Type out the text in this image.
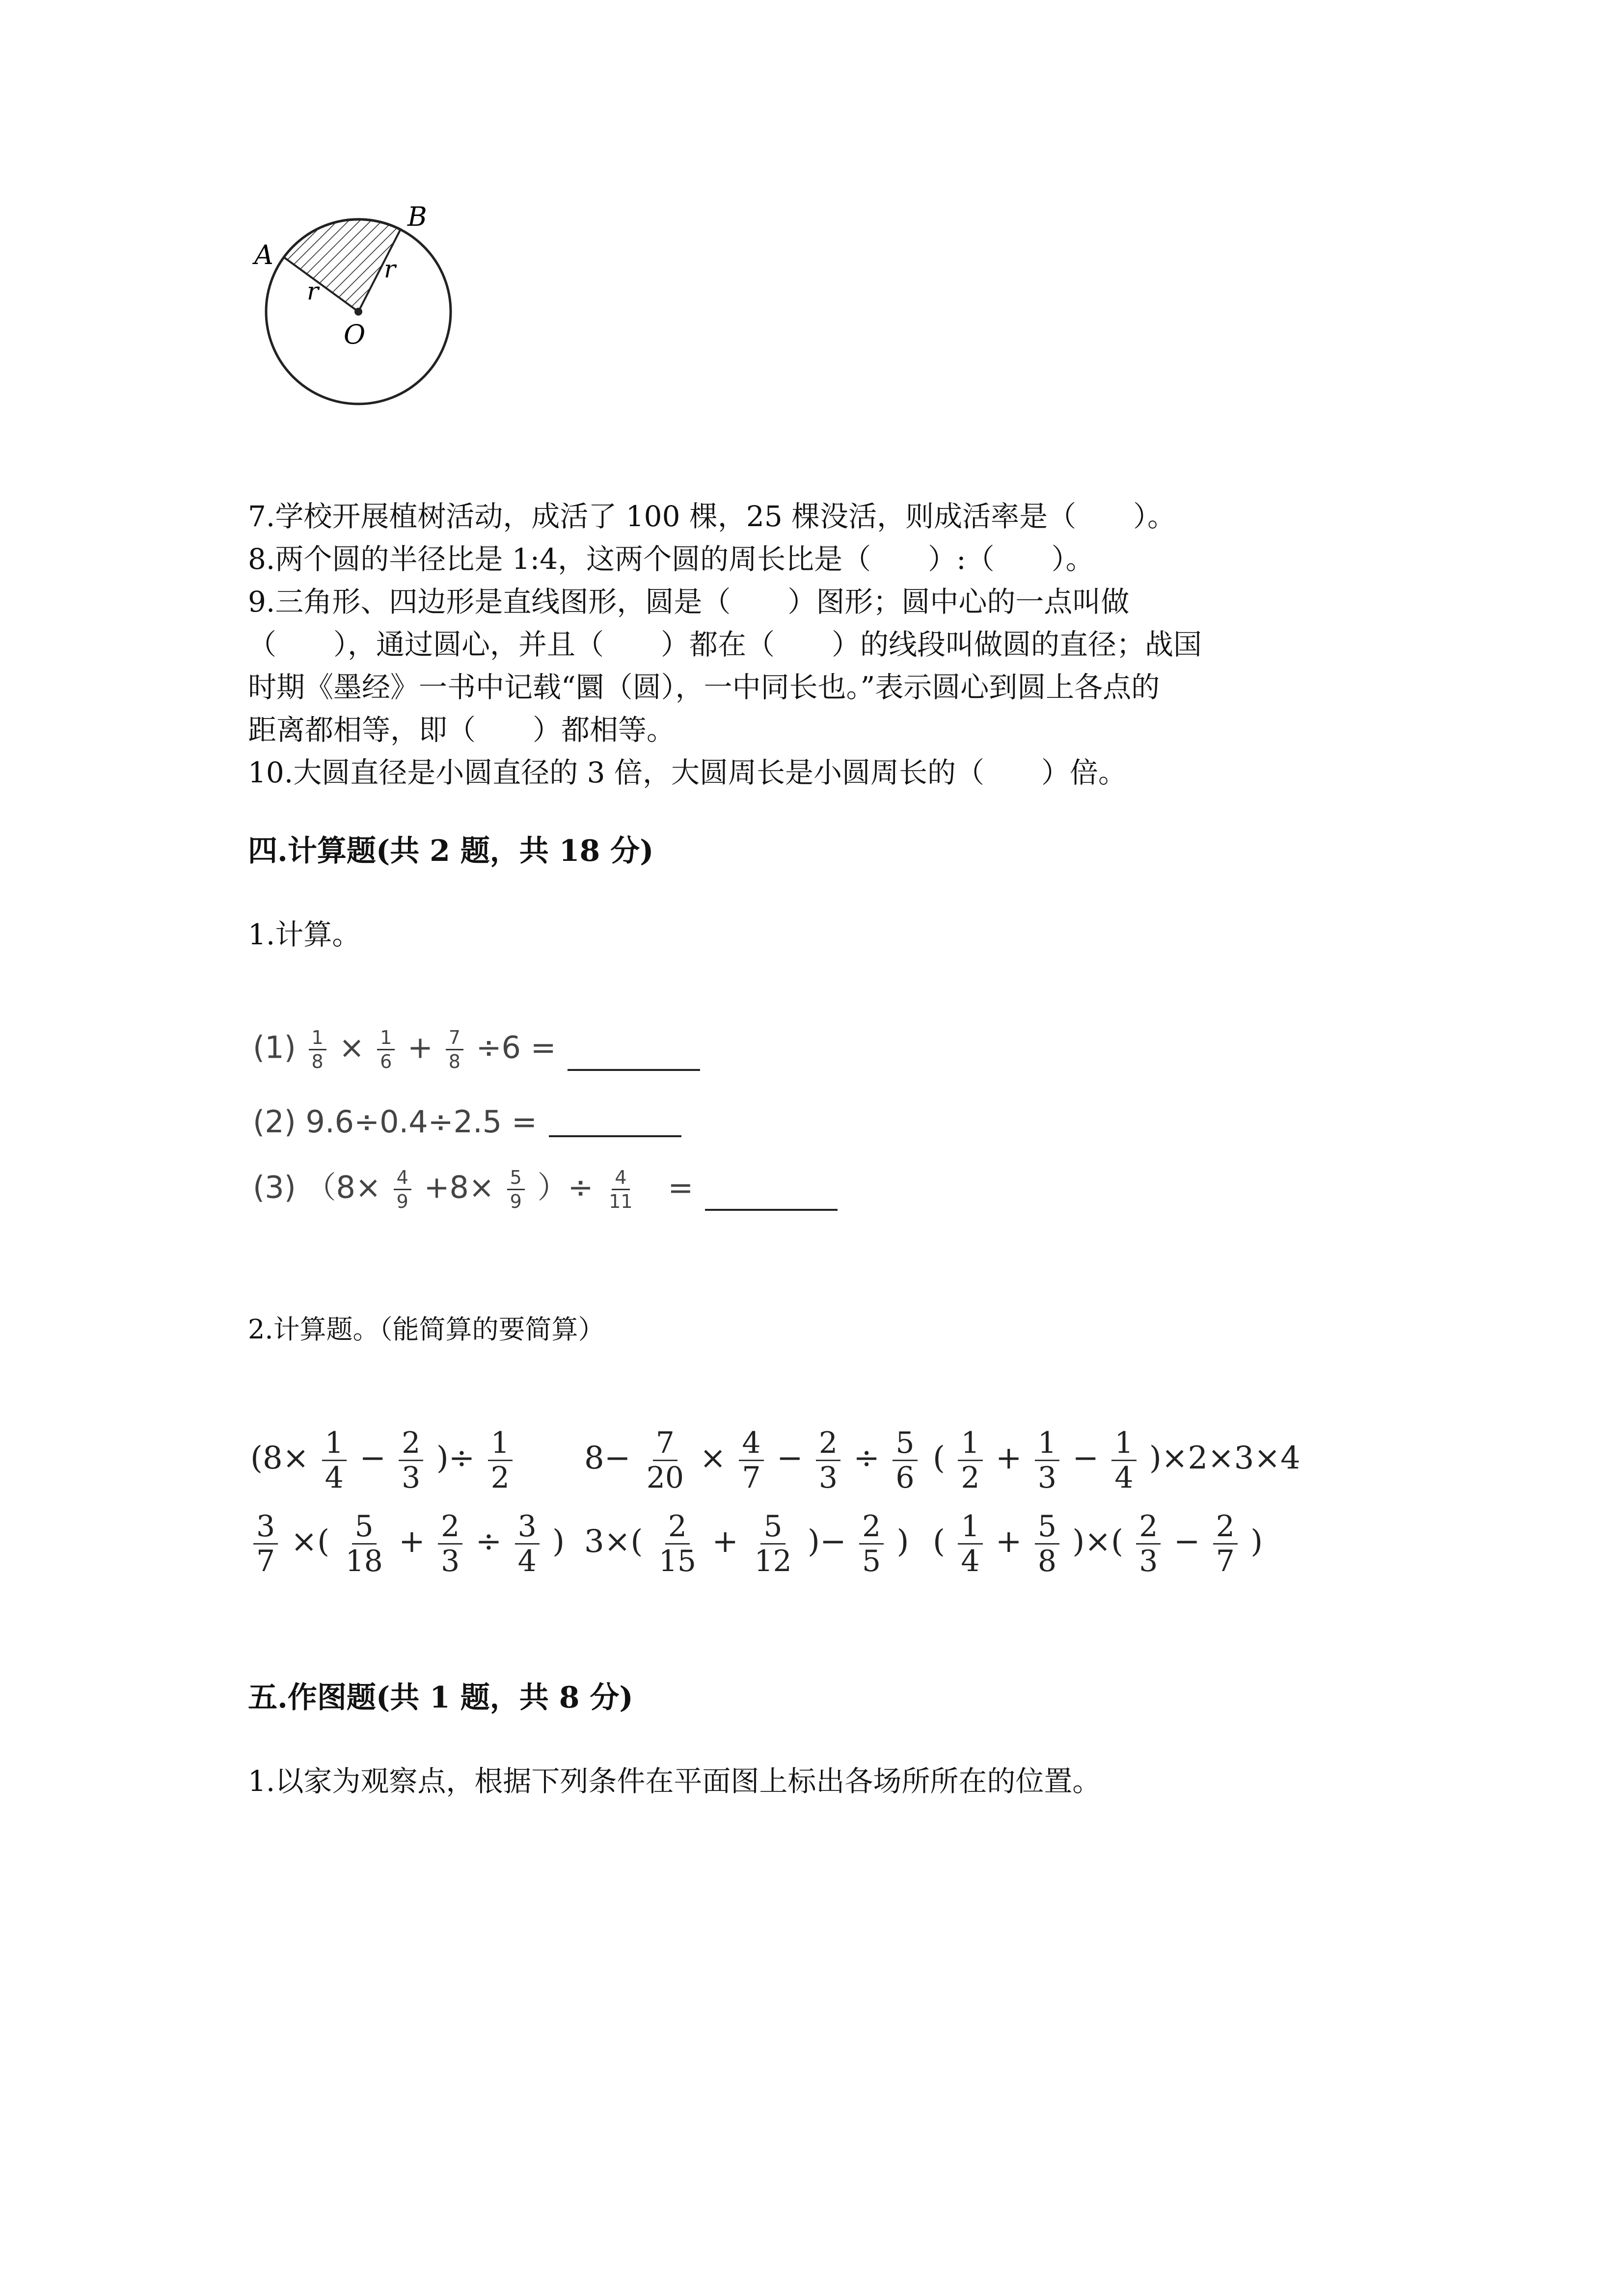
A
B
r
r
O
7.学校开展植树活动，成活了 100 棵，25 棵没活，则成活率是（　　）。
8.两个圆的半径比是 1:4，这两个圆的周长比是（　　）:（　　）。
9.三角形、四边形是直线图形，圆是（　　）图形；圆中心的一点叫做
（　　），通过圆心，并且（　　）都在（　　）的线段叫做圆的直径；战国
时期《墨经》一书中记载“圜（圆），一中同长也。”表示圆心到圆上各点的
距离都相等，即（　　）都相等。
10.大圆直径是小圆直径的 3 倍，大圆周长是小圆周长的（　　）倍。
四.计算题(共 2 题，共 18 分)
1.计算。
$(1) \frac{1}{8} \times \frac{1}{6} + \frac{7}{8} \div 6$ =
(2) 9.6÷0.4÷2.5 =
(3) （$8\times \frac{4}{9} +8\times \frac{5}{9}$ ）÷ $\frac{4}{11}$ =
2.计算题。（能简算的要简算）
($8\times \frac{1}{4} - \frac{2}{3}$ )÷ $\frac{1}{2} 8- \frac{7}{20} \times \frac{4}{7} - \frac{2}{3} \div \frac{5}{6}$ ( $\frac{1}{2} + \frac{1}{3} - \frac{1}{4} )\times 2\times 3\times 4$
$\frac{3}{7}$ ×( $\frac{5}{18} + \frac{2}{3} \div \frac{3}{4}$ ) $3\times( \frac{2}{15} + \frac{5}{12}$ )− $\frac{2}{5}$ ) ( $\frac{1}{4} + \frac{5}{8}$ )×( $\frac{2}{3} - \frac{2}{7}$ )
五.作图题(共 1 题，共 8 分)
1.以家为观察点，根据下列条件在平面图上标出各场所所在的位置。
